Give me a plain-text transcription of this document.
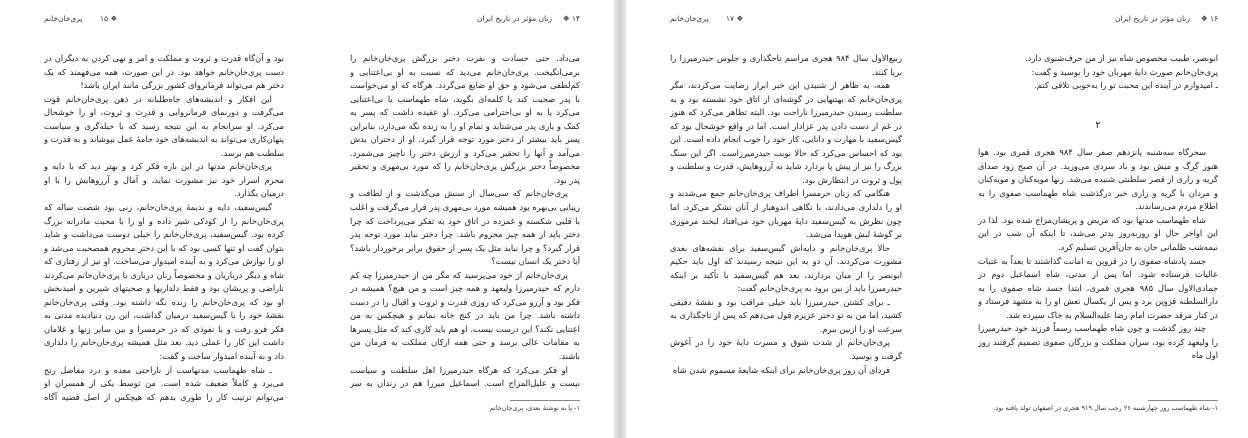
پری‌خان‌خانم	❖ ۱۵

بود و آن‌گاه قدرت و ثروت و مملکت و امر و نهی کردن به دیگران در دست پری‌خان‌خانم خواهد بود. در این صورت، همه می‌فهمند که یک دختر هم می‌تواند فرمانروای کشور بزرگی مانند ایران باشد!

این افکار و اندیشه‌های جاه‌طلبانه در ذهن پری‌خان‌خانم قوت می‌گرفت و دورنمای فرمانروایی و قدرت و ثروت، او را خوشحال می‌کرد. او سرانجام به این نتیجه رسید که با حیله‌گری و سیاست پنهان‌کاری می‌تواند به اندیشه‌های خود جامهٔ عمل بپوشاند و به قدرت و سلطنت هم برسد.

پری‌خان‌خانم مدتها در این باره فکر کرد و بهتر دید که با دایه و محرم اسرار خود نیز مشورت نماید، و آمال و آرزوهایش را با او درمیان بگذارد.

گیس‌سفید، دایه و ندیمهٔ پری‌خان‌خانم، زنی بود شصت ساله که پری‌خان‌خانم را از کودکی شیر داده و او را با محبت مادرانه بزرگ کرده بود. گیس‌سفید، پری‌خان‌خانم را خیلی دوست می‌داشت و شاید بتوان گفت او تنها کسی بود که با این دختر محروم همصحبت می‌شد و او را نوازش می‌کرد و به آینده امیدوار می‌ساخت. او نیز از رفتاری که شاه و دیگر درباریان و مخصوصاً زنان درباری با پری‌خان‌خانم می‌کردند ناراضی و پریشان بود و فقط دلداریها و صحبتهای شیرین و امیدبخش او بود که پری‌خان‌خانم را زنده نگه داشته بود. وقتی پری‌خان‌خانم نقشهٔ خود را با گیس‌سفید درمیان گذاشت، این زن دنیادیده مدتی به فکر فرو رفت و با نفوذی که در حرمسرا و بین سایر زنها و غلامان داشت این کار را عملی دید. بعد مثل همیشه پری‌خان‌خانم را دلداری داد و به آینده امیدوار ساخت و گفت:

ـ شاه طهماسب مدتهاست از ناراحتی معده و درد مفاصل رنج می‌برد و کاملاً ضعیف شده است. من توسط یکی از همسران او می‌توانم ترتیب کار را طوری بدهم که هیچکس از اصل قضیه آگاه

زنان مؤثر در تاریخ ایران	۱۴ ❖

می‌داد. حتی حسادت و نفرت دختر بزرگش پری‌خان‌خانم را برمی‌انگیخت. پری‌خان‌خانم می‌دید که نسبت به او بی‌اعتنایی و کم‌لطفی می‌شود و حق او ضایع می‌گردد. هرگاه که او می‌خواست با پدر صحبت کند یا کلمه‌ای بگوید، شاه طهماسب یا بی‌اعتنایی می‌کرد یا به او بی‌احترامی می‌کرد. او عقیده داشت که پسر به کمک و یاری پدر می‌شتابد و تمام او را به زنده نگه می‌دارد، بنابراین پسر باید بیشتر از دختر مورد توجه قرار گیرد. او از دختران بدش می‌آمد و آنها را تحقیر می‌کرد و ارزش دختر را ناچیز می‌شمرد. مخصوصاً دختر بزرگش پری‌خان‌خانم را که مورد بی‌مهری و تحقیر پدر بود.

پری‌خان‌خانم که سی‌سال از سنش می‌گذشت و از لطافت و زیبایی بی‌بهره بود همیشه مورد بی‌مهری پدر قرار می‌گرفت و اغلب با قلبی شکسته و غمزده در اتاق خود به تفکر می‌پرداخت که چرا دختر باید از همه چیز محروم باشد. چرا دختر نباید مورد توجه پدر قرار گیرد؟ و چرا نباید مثل یک پسر از حقوق برابر برخوردار باشد؟ آیا دختر یک انسان نیست؟

پری‌خان‌خانم از خود می‌پرسید که مگر من از حیدرمیرزا چه کم دارم که حیدرمیرزا ولیعهد و همه چیز است و من هیچ؟ همیشه در فکر بود و آرزو می‌کرد که روزی قدرت و ثروت و اقبال را در دست داشته باشد. چرا من باید در کنج خانه بمانم و هیچکس به من اعتنایی نکند؟ این درست نیست. او هم باید کاری کند که مثل پسرها به مقامات عالی برسد و حتی همه ارکان مملکت به فرمان من باشند.

او فکر می‌کرد که هرگاه حیدرمیرزا اهل سلطنت و سیاست نیست و علیل‌المزاج است. اسماعیل میرزا هم در زندان به سر

۱- پا به نوشتهٔ بعدی، پری‌جان‌خانم
پری‌خان‌خانم	❖ ۱۷

ربیع‌الاول سال ۹۸۴ هجری مراسم تاجگذاری و جلوس حیدرمیرزا را برپا کنند.

همه، به ظاهر از شنیدن این خبر ابراز رضایت می‌کردند، مگر پری‌خان‌خانم که بهتنهایی در گوشه‌ای از اتاق خود نشسته بود و به سلطنت رسیدن حیدرمیرزا ناراحت بود. البته تظاهر می‌کرد که هنوز در غم از دست دادن پدر عزادار است. اما در واقع خوشحال بود که گیس‌سفید با مهارت و دانایی، کار خود را خوب انجام داده است. این بود که احساس می‌کرد که حالا نوبت حیدرمیرزاست. اگر این سنگ بزرگ را نیز از پیش پا بردارد شاید به آرزوهایش، قدرت و سلطنت و پول و ثروت در انتظارش بود.

هنگامی که زنان حرمسرا اطراف پری‌خان‌خانم جمع می‌شدند و او را دلداری می‌دادند، با نگاهی اندوهبار از آنان تشکر می‌کرد. اما چون نظرش به گیس‌سفید دایهٔ مهربان خود می‌افتاد لبخند مرموزی بر گوشهٔ لبش هویدا می‌شد.

حالا پری‌خان‌خانم و دایه‌اش گیس‌سفید برای نقشه‌های بعدی مشورت می‌کردند. آن دو به این نتیجه رسیدند که اول باید حکیم ابونصر را از میان بردارند، بعد هم گیس‌سفید با تأکید بر اینکه حیدرمیرزا باید از بین برود به پری‌خان‌خانم گفت:

ـ برای کشتن حیدرمیرزا باید خیلی مراقب بود و نقشهٔ دقیقی کشید، اما من به تو دختر عزیزم قول می‌دهم که پس از تاجگذاری به سرعت او را ازبین ببرم.

پری‌خان‌خانم از شدت شوق و مسرت دایهٔ خود را در آغوش گرفت و بوسید.

فردای آن روز پری‌خان‌خانم برای اینکه شایعهٔ مسموم شدن شاه

زنان مؤثر در تاریخ ایران	۱۶ ❖

ابونصر، طبیب مخصوص شاه نیز از من حرف‌شنوی دارد.

پری‌خان‌خانم صورت دایهٔ مهربان خود را بوسید و گفت:

ـ امیدوارم در آینده این محبت تو را به‌خوبی تلافی کنم.

۲

سحرگاه سه‌شنبه پانزدهم صفر سال ۹۸۴ هجری قمری بود. هوا هنوز گرگ و میش بود و باد سردی می‌وزید. در آن صبح زود صدای گریه و زاری از قصر سلطنتی شنیده می‌شد. زنها مویه‌کنان و مویه‌کنان و مردان با گریه و زاری خبر درگذشت شاه طهماسب صفوی را به اطلاع مردم می‌رساندند.

شاه طهماسب مدتها بود که مریض و پریشان‌مزاج شده بود. لذا در این اواخر حال او روزبه‌روز بدتر می‌شد، تا اینکه آن شب در این نیمه‌شب ظلمانی جان به جان‌آفرین تسلیم کرد.

جسد پادشاه صفوی را در قزوین به امانت گذاشتند تا بعداً به عتبات عالیات فرستاده شود. اما پس از مدتی، شاه اسماعیل دوم در جمادی‌الاول سال ۹۸۵ هجری قمری، ابتدا جسد شاه صفوی را به دارالسلطنه قزوین برد و پس از یکسال نعش او را به مشهد فرستاد و در کنار مرقد حضرت امام رضا علیه‌السلام به خاک سپرده شد.

چند روز گذشت و چون شاه طهماسب رسماً فرزند خود حیدرمیرزا را ولیعهد کرده بود، سران مملکت و بزرگان صفوی تصمیم گرفتند روز اول ماه

۱- شاه طهماسب روز چهارشنبه ۲۶ رجب سال ۹۱۹ هجری در اصفهان تولد یافته بود.
